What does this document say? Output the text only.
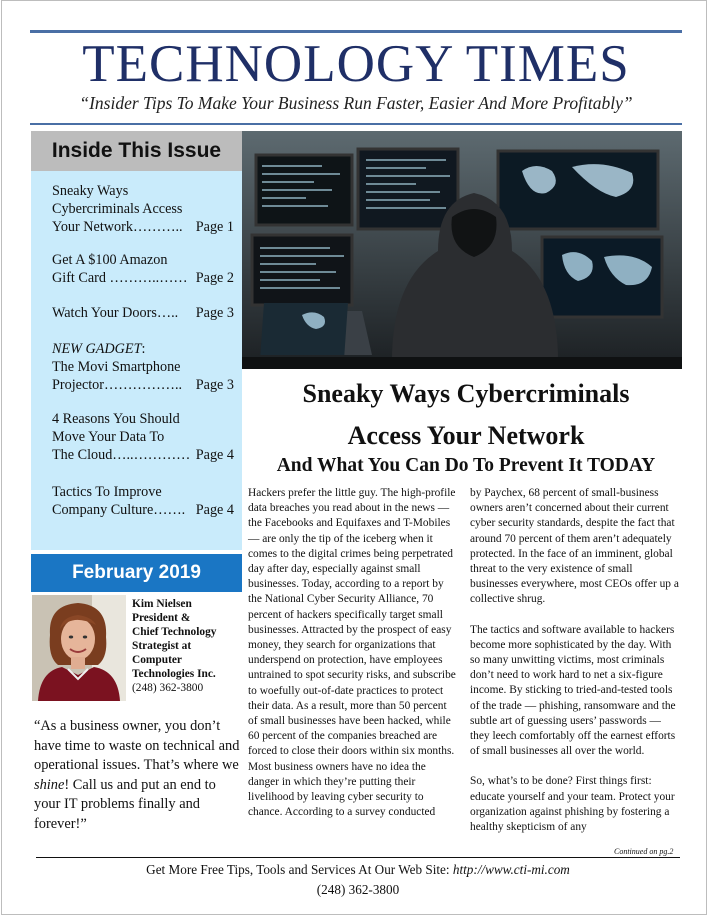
TECHNOLOGY TIMES
“Insider Tips To Make Your Business Run Faster, Easier And More Profitably”
Inside This Issue
Sneaky Ways
Cybercriminals Access
Your Network……….. Page 1
Get A $100 Amazon
Gift Card ………..…… Page 2
Watch Your Doors….. Page 3
NEW GADGET:
The Movi Smartphone
Projector…………….. Page 3
4 Reasons You Should
Move Your Data To
The Cloud…..………… Page 4
Tactics To Improve
Company Culture……. Page 4
February 2019
Kim Nielsen
President &
Chief Technology
Strategist at
Computer
Technologies Inc.
(248) 362-3800
“As a business owner, you don’t have time to waste on technical and operational issues. That’s where we shine! Call us and put an end to your IT problems finally and forever!”
Sneaky Ways Cybercriminals
Access Your Network
And What You Can Do To Prevent It TODAY

Hackers prefer the little guy. The high-profile data breaches you read about in the news — the Facebooks and Equifaxes and T-Mobiles — are only the tip of the iceberg when it comes to the digital crimes being perpetrated day after day, especially against small businesses. Today, according to a report by the National Cyber Security Alliance, 70 percent of hackers specifically target small businesses. Attracted by the prospect of easy money, they search for organizations that underspend on protection, have employees untrained to spot security risks, and subscribe to woefully out-of-date practices to protect their data. As a result, more than 50 percent of small businesses have been hacked, while 60 percent of the companies breached are forced to close their doors within six months.

Most business owners have no idea the danger in which they’re putting their livelihood by leaving cyber security to chance. According to a survey conducted

by Paychex, 68 percent of small-business owners aren’t concerned about their current cyber security standards, despite the fact that around 70 percent of them aren’t adequately protected. In the face of an imminent, global threat to the very existence of small businesses everywhere, most CEOs offer up a collective shrug.

The tactics and software available to hackers become more sophisticated by the day. With so many unwitting victims, most criminals don’t need to work hard to net a six-figure income. By sticking to tried-and-tested tools of the trade — phishing, ransomware and the subtle art of guessing users’ passwords — they leech comfortably off the earnest efforts of small businesses all over the world.

So, what’s to be done? First things first: educate yourself and your team. Protect your organization against phishing by fostering a healthy skepticism of any

Continued on pg.2
Get More Free Tips, Tools and Services At Our Web Site: http://www.cti-mi.com
(248) 362-3800
